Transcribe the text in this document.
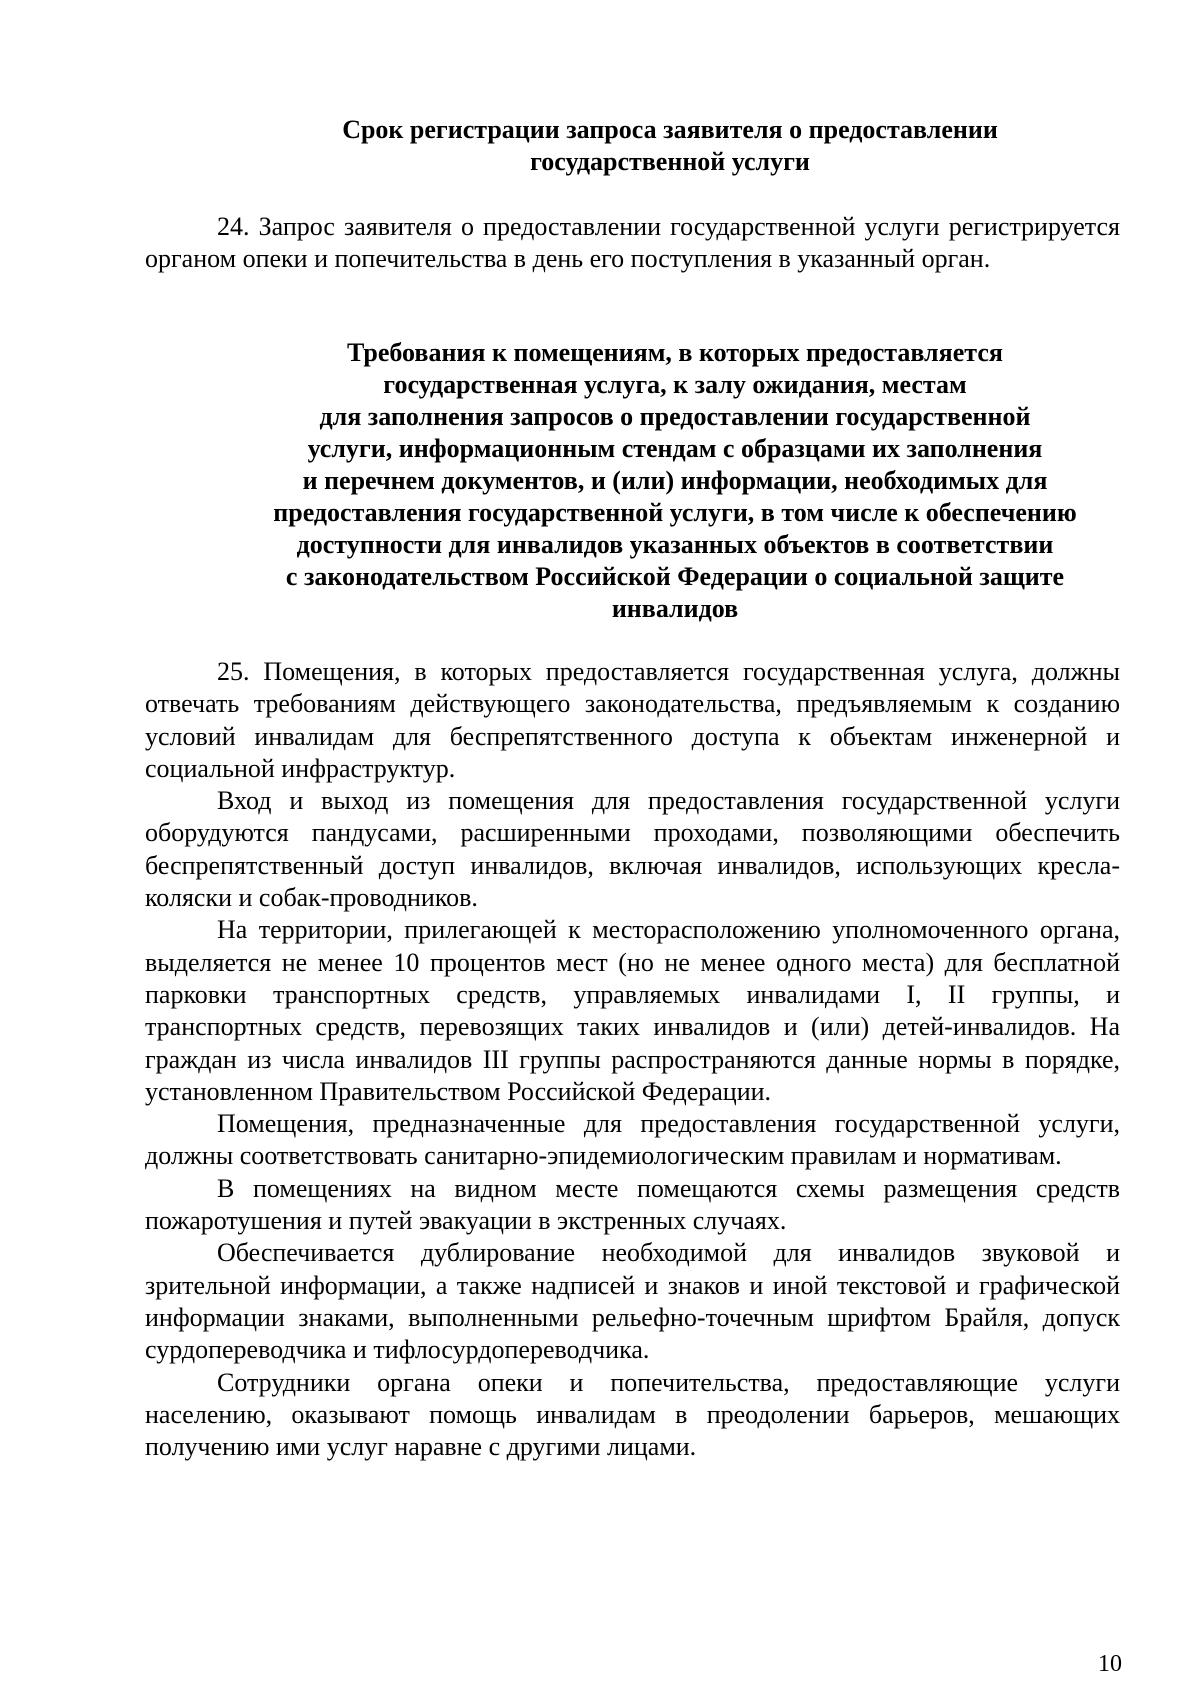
Срок регистрации запроса заявителя о предоставлении
государственной услуги

24. Запрос заявителя о предоставлении государственной услуги регистрируется органом опеки и попечительства в день его поступления в указанный орган.

Требования к помещениям, в которых предоставляется
государственная услуга, к залу ожидания, местам
для заполнения запросов о предоставлении государственной
услуги, информационным стендам с образцами их заполнения
и перечнем документов, и (или) информации, необходимых для
предоставления государственной услуги, в том числе к обеспечению
доступности для инвалидов указанных объектов в соответствии
с законодательством Российской Федерации о социальной защите
инвалидов

25. Помещения, в которых предоставляется государственная услуга, должны отвечать требованиям действующего законодательства, предъявляемым к созданию условий инвалидам для беспрепятственного доступа к объектам инженерной и социальной инфраструктур.

Вход и выход из помещения для предоставления государственной услуги оборудуются пандусами, расширенными проходами, позволяющими обеспечить беспрепятственный доступ инвалидов, включая инвалидов, использующих кресла-коляски и собак-проводников.

На территории, прилегающей к месторасположению уполномоченного органа, выделяется не менее 10 процентов мест (но не менее одного места) для бесплатной парковки транспортных средств, управляемых инвалидами I, II группы, и транспортных средств, перевозящих таких инвалидов и (или) детей-инвалидов. На граждан из числа инвалидов III группы распространяются данные нормы в порядке, установленном Правительством Российской Федерации.

Помещения, предназначенные для предоставления государственной услуги, должны соответствовать санитарно-эпидемиологическим правилам и нормативам.

В помещениях на видном месте помещаются схемы размещения средств пожаротушения и путей эвакуации в экстренных случаях.

Обеспечивается дублирование необходимой для инвалидов звуковой и зрительной информации, а также надписей и знаков и иной текстовой и графической информации знаками, выполненными рельефно-точечным шрифтом Брайля, допуск сурдопереводчика и тифлосурдопереводчика.

Сотрудники органа опеки и попечительства, предоставляющие услуги населению, оказывают помощь инвалидам в преодолении барьеров, мешающих получению ими услуг наравне с другими лицами.

10
